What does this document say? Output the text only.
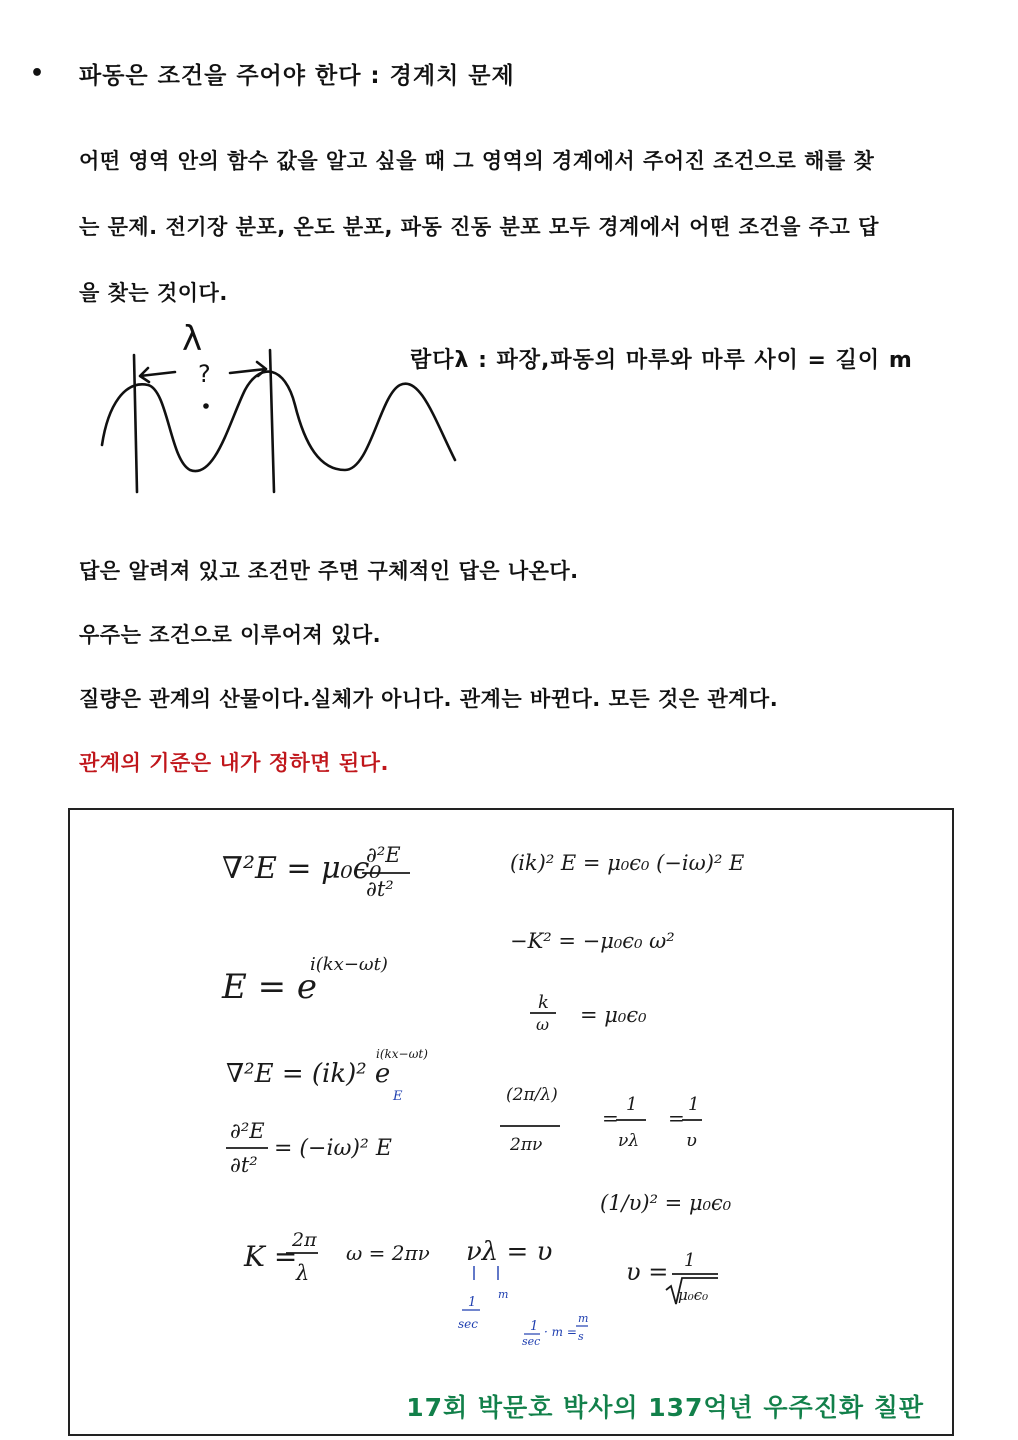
• 파동은 조건을 주어야 한다 : 경계치 문제
어떤 영역 안의 함수 값을 알고 싶을 때 그 영역의 경계에서 주어진 조건으로 해를 찾
는 문제. 전기장 분포, 온도 분포, 파동 진동 분포 모두 경계에서 어떤 조건을 주고 답
을 찾는 것이다.
λ
?	람다λ : 파장,파동의 마루와 마루 사이 = 길이 m
답은 알려져 있고 조건만 주면 구체적인 답은 나온다.
우주는 조건으로 이루어져 있다.
질량은 관계의 산물이다.실체가 아니다. 관계는 바뀐다. 모든 것은 관계다.
관계의 기준은 내가 정하면 된다.
∇²E = μ₀ϵ₀
∂²E
∂t²
E = e
i(kx−ωt)
∇²E = (ik)² e
i(kx−ωt)
E
∂²E
∂t²
= (−iω)² E
K =
2π
λ
ω = 2πν νλ = υ
(ik)² E = μ₀ϵ₀ (−iω)² E
−K² = −μ₀ϵ₀ ω²
k
ω = μ₀ϵ₀
(2π/λ)
2πν
=
1
νλ
=
1
υ
(1/υ)² = μ₀ϵ₀
υ = 1
μ₀ϵ₀
1
sec
m
1
sec
· m =
m
s
17회 박문호 박사의 137억년 우주진화 칠판
